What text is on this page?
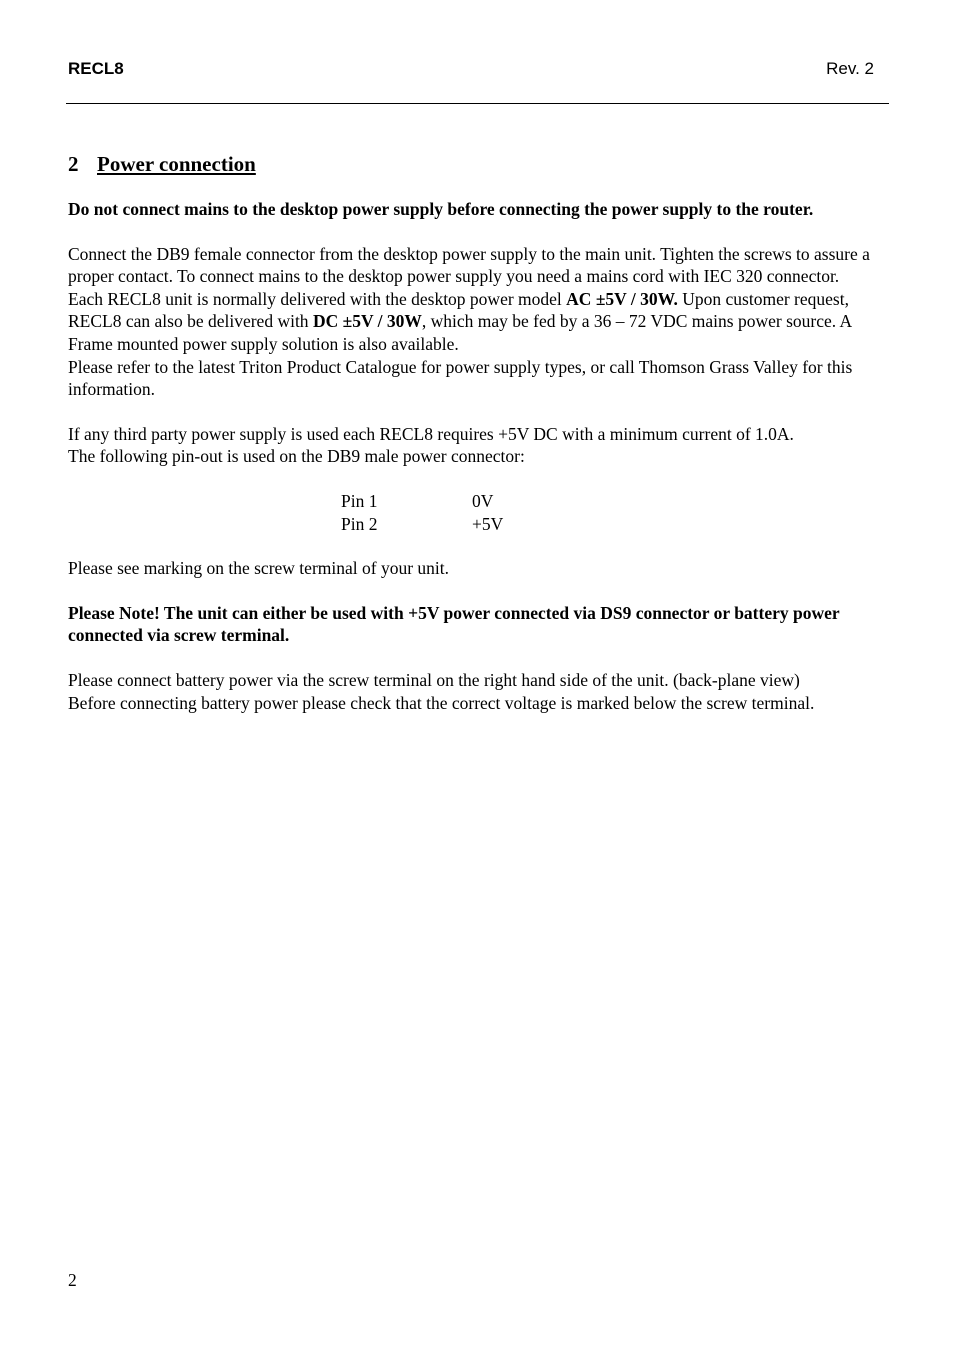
RECL8	Rev. 2
2 Power connection

Do not connect mains to the desktop power supply before connecting the power supply to the router.

Connect the DB9 female connector from the desktop power supply to the main unit. Tighten the screws to assure a proper contact. To connect mains to the desktop power supply you need a mains cord with IEC 320 connector.

Each RECL8 unit is normally delivered with the desktop power model AC ±5V / 30W. Upon customer request, RECL8 can also be delivered with DC ±5V / 30W, which may be fed by a 36 – 72 VDC mains power source. A Frame mounted power supply solution is also available.

Please refer to the latest Triton Product Catalogue for power supply types, or call Thomson Grass Valley for this information.

If any third party power supply is used each RECL8 requires +5V DC with a minimum current of 1.0A.

The following pin-out is used on the DB9 male power connector:

Pin 1	0V
Pin 2	+5V

Please see marking on the screw terminal of your unit.

Please Note! The unit can either be used with +5V power connected via DS9 connector or battery power connected via screw terminal.

Please connect battery power via the screw terminal on the right hand side of the unit. (back-plane view)

Before connecting battery power please check that the correct voltage is marked below the screw terminal.

2
